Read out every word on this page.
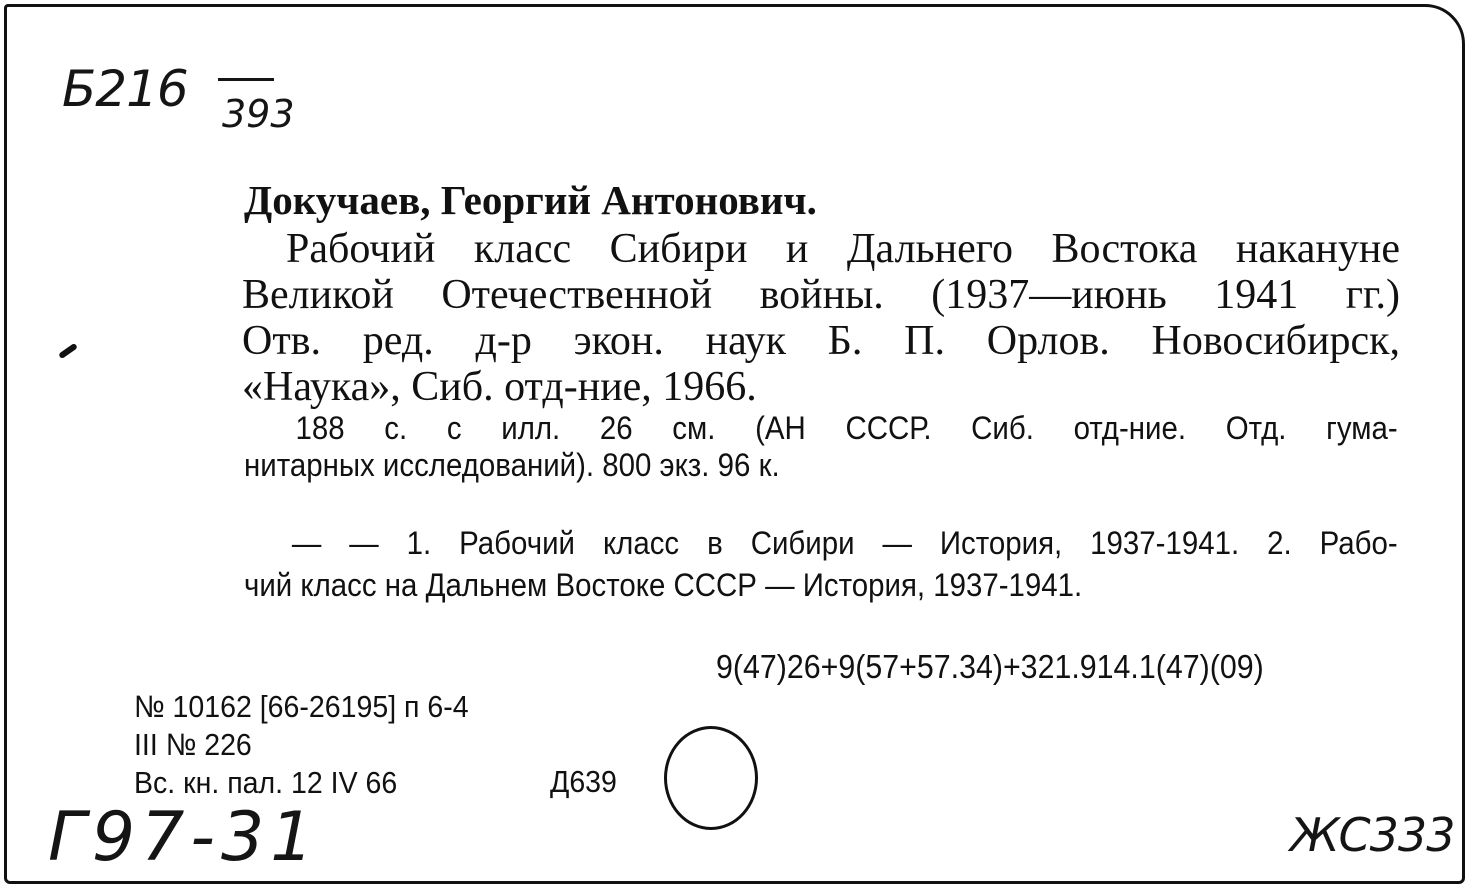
Б216 393
Докучаев, Георгий Антонович.
Рабочий класс Сибири и Дальнего Востока накануне
Великой Отечественной войны. (1937—июнь 1941 гг.)
Отв. ред. д-р экон. наук Б. П. Орлов. Новосибирск,
«Наука», Сиб. отд-ние, 1966.
188 с. с илл. 26 см. (АН СССР. Сиб. отд-ние. Отд. гума-
нитарных исследований). 800 экз. 96 к.
— — 1. Рабочий класс в Сибири — История, 1937-1941. 2. Рабо-
чий класс на Дальнем Востоке СССР — История, 1937-1941.
9(47)26+9(57+57.34)+321.914.1(47)(09)
№ 10162 [66-26195] п 6-4
III № 226
Вс. кн. пал. 12 IV 66	Д639
Г97-31	ЖС333
